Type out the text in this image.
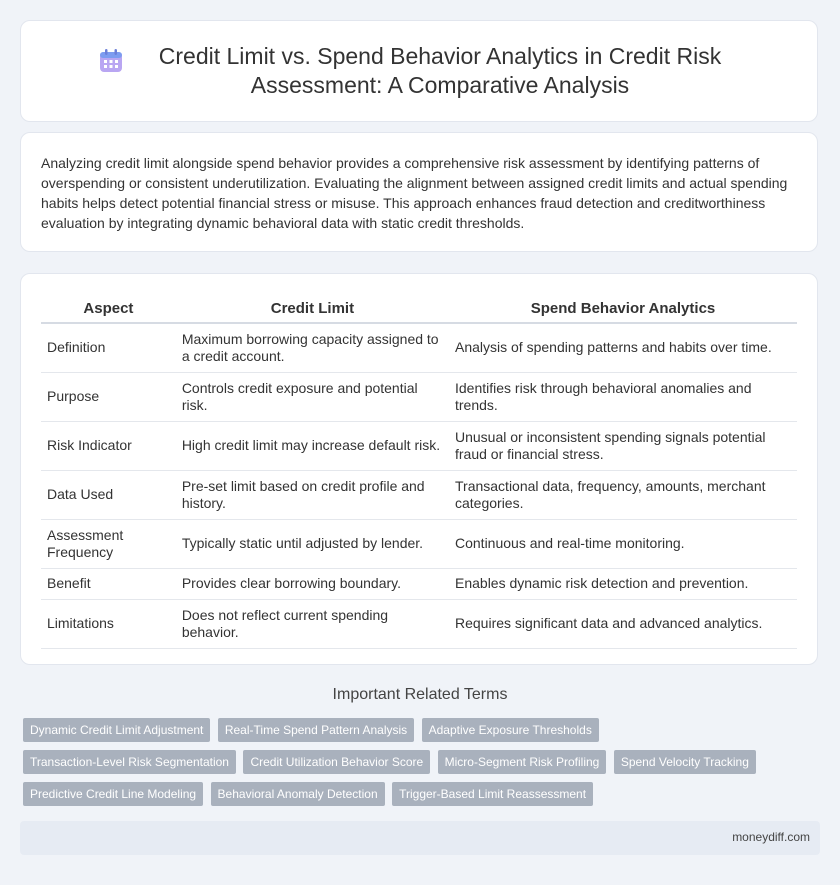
Credit Limit vs. Spend Behavior Analytics in Credit Risk Assessment: A Comparative Analysis

Analyzing credit limit alongside spend behavior provides a comprehensive risk assessment by identifying patterns of overspending or consistent underutilization. Evaluating the alignment between assigned credit limits and actual spending habits helps detect potential financial stress or misuse. This approach enhances fraud detection and creditworthiness evaluation by integrating dynamic behavioral data with static credit thresholds.

Aspect	Credit Limit	Spend Behavior Analytics
Definition	Maximum borrowing capacity assigned to a credit account.	Analysis of spending patterns and habits over time.
Purpose	Controls credit exposure and potential risk.	Identifies risk through behavioral anomalies and trends.
Risk Indicator	High credit limit may increase default risk.	Unusual or inconsistent spending signals potential fraud or financial stress.
Data Used	Pre-set limit based on credit profile and history.	Transactional data, frequency, amounts, merchant categories.
Assessment Frequency	Typically static until adjusted by lender.	Continuous and real-time monitoring.
Benefit	Provides clear borrowing boundary.	Enables dynamic risk detection and prevention.
Limitations	Does not reflect current spending behavior.	Requires significant data and advanced analytics.
Important Related Terms
Dynamic Credit Limit Adjustment Real-Time Spend Pattern Analysis Adaptive Exposure Thresholds
Transaction-Level Risk Segmentation Credit Utilization Behavior Score Micro-Segment Risk Profiling Spend Velocity Tracking
Predictive Credit Line Modeling Behavioral Anomaly Detection Trigger-Based Limit Reassessment
moneydiff.com
